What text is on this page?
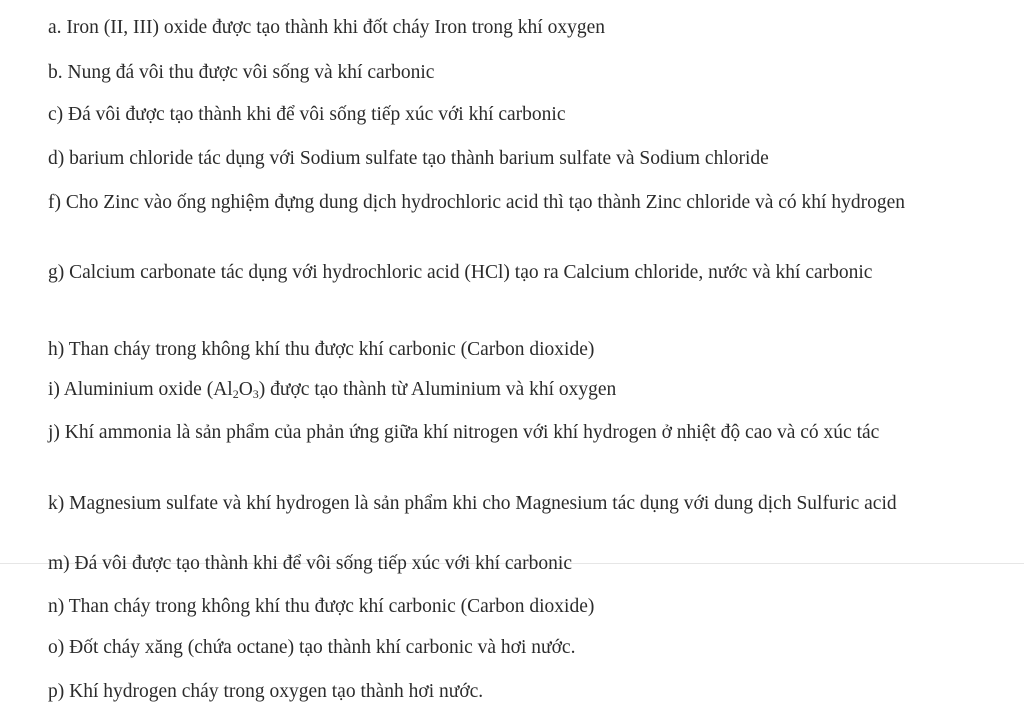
a. Iron (II, III) oxide được tạo thành khi đốt cháy Iron trong khí oxygen
b. Nung đá vôi thu được vôi sống và khí carbonic
c) Đá vôi được tạo thành khi để vôi sống tiếp xúc với khí carbonic
d) barium chloride tác dụng với Sodium sulfate tạo thành barium sulfate và Sodium chloride
f) Cho Zinc vào ống nghiệm đựng dung dịch hydrochloric acid thì tạo thành Zinc chloride và có khí hydrogen
g) Calcium carbonate tác dụng với hydrochloric acid (HCl) tạo ra Calcium chloride, nước và khí carbonic
h) Than cháy trong không khí thu được khí carbonic (Carbon dioxide)
i) Aluminium oxide $(Al_2O_3)$ được tạo thành từ Aluminium và khí oxygen
j) Khí ammonia là sản phẩm của phản ứng giữa khí nitrogen với khí hydrogen ở nhiệt độ cao và có xúc tác
k) Magnesium sulfate và khí hydrogen là sản phẩm khi cho Magnesium tác dụng với dung dịch Sulfuric acid
m) Đá vôi được tạo thành khi để vôi sống tiếp xúc với khí carbonic
n) Than cháy trong không khí thu được khí carbonic (Carbon dioxide)
o) Đốt cháy xăng (chứa octane) tạo thành khí carbonic và hơi nước.
p) Khí hydrogen cháy trong oxygen tạo thành hơi nước.
